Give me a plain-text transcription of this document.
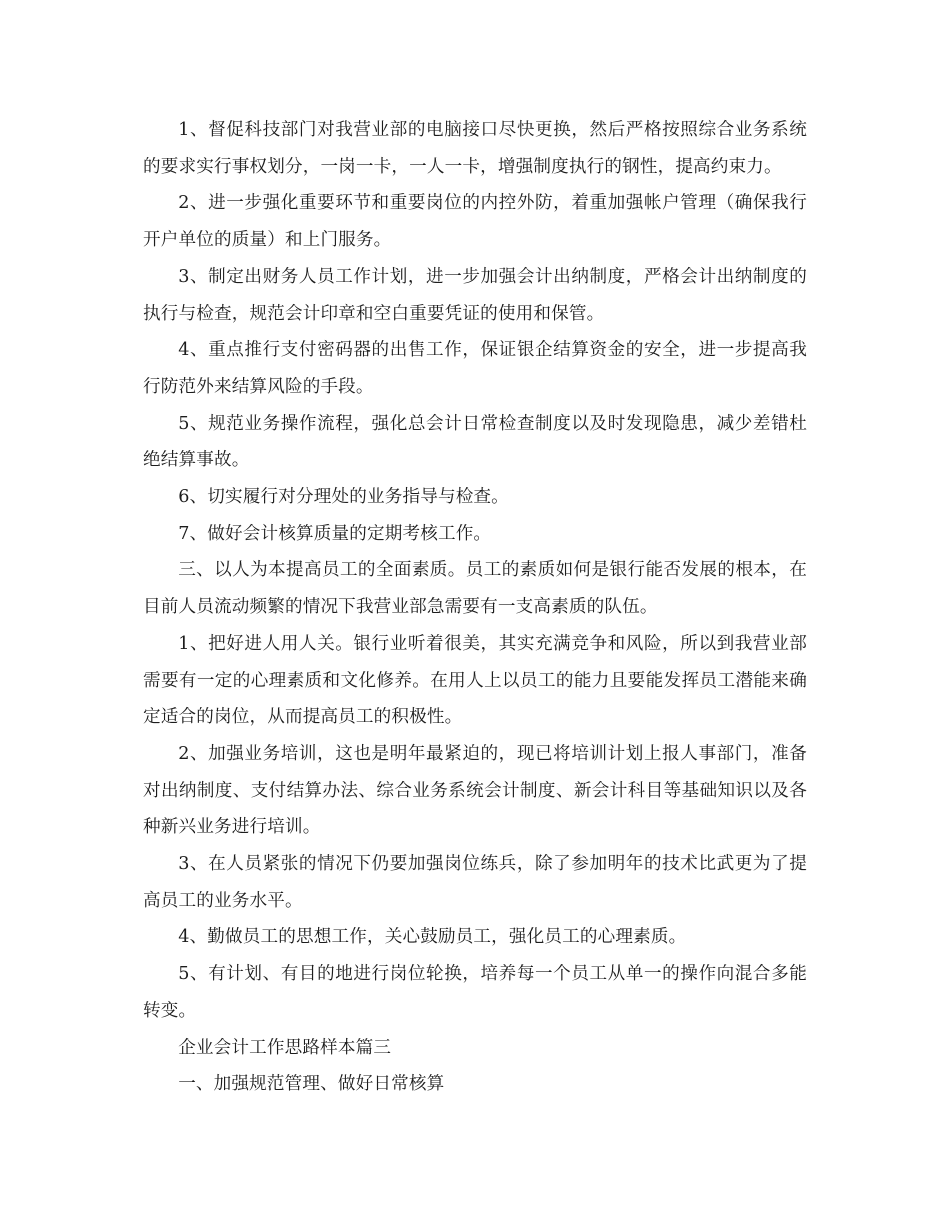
1、督促科技部门对我营业部的电脑接口尽快更换，然后严格按照综合业务系统的要求实行事权划分，一岗一卡，一人一卡，增强制度执行的钢性，提高约束力。

2、进一步强化重要环节和重要岗位的内控外防，着重加强帐户管理（确保我行开户单位的质量）和上门服务。

3、制定出财务人员工作计划，进一步加强会计出纳制度，严格会计出纳制度的执行与检查，规范会计印章和空白重要凭证的使用和保管。

4、重点推行支付密码器的出售工作，保证银企结算资金的安全，进一步提高我行防范外来结算风险的手段。

5、规范业务操作流程，强化总会计日常检查制度以及时发现隐患，减少差错杜绝结算事故。

6、切实履行对分理处的业务指导与检查。

7、做好会计核算质量的定期考核工作。

三、以人为本提高员工的全面素质。员工的素质如何是银行能否发展的根本，在目前人员流动频繁的情况下我营业部急需要有一支高素质的队伍。

1、把好进人用人关。银行业听着很美，其实充满竞争和风险，所以到我营业部需要有一定的心理素质和文化修养。在用人上以员工的能力且要能发挥员工潜能来确定适合的岗位，从而提高员工的积极性。

2、加强业务培训，这也是明年最紧迫的，现已将培训计划上报人事部门，准备对出纳制度、支付结算办法、综合业务系统会计制度、新会计科目等基础知识以及各种新兴业务进行培训。

3、在人员紧张的情况下仍要加强岗位练兵，除了参加明年的技术比武更为了提高员工的业务水平。

4、勤做员工的思想工作，关心鼓励员工，强化员工的心理素质。

5、有计划、有目的地进行岗位轮换，培养每一个员工从单一的操作向混合多能转变。

企业会计工作思路样本篇三

一、加强规范管理、做好日常核算
